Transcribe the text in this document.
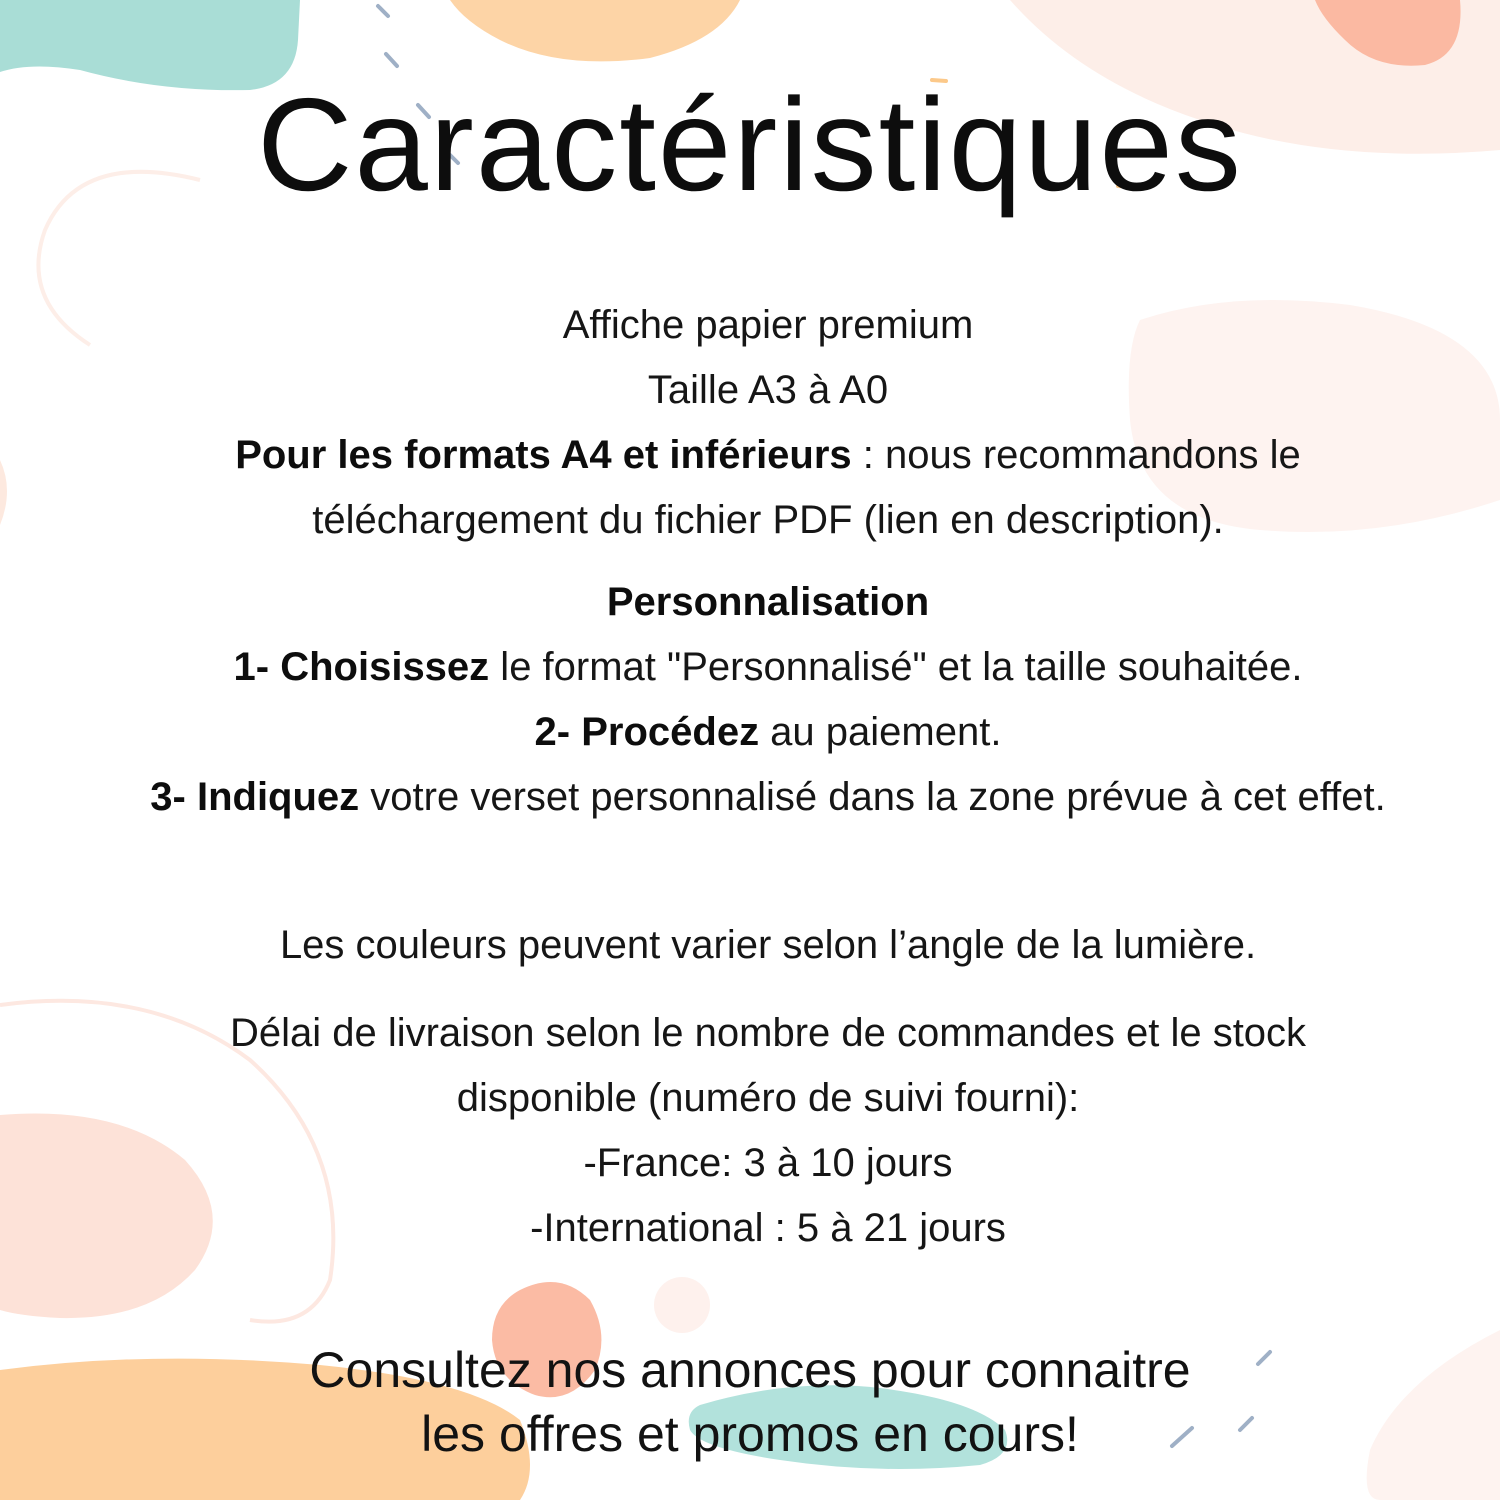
Caractéristiques
Affiche papier premium
Taille A3 à A0
Pour les formats A4 et inférieurs : nous recommandons le téléchargement du fichier PDF (lien en description).
Personnalisation
1- Choisissez le format "Personnalisé" et la taille souhaitée.
2- Procédez au paiement.
3- Indiquez votre verset personnalisé dans la zone prévue à cet effet.
Les couleurs peuvent varier selon l’angle de la lumière.
Délai de livraison selon le nombre de commandes et le stock disponible (numéro de suivi fourni):
-France: 3 à 10 jours
-International : 5 à 21 jours
Consultez nos annonces pour connaitre
les offres et promos en cours!
